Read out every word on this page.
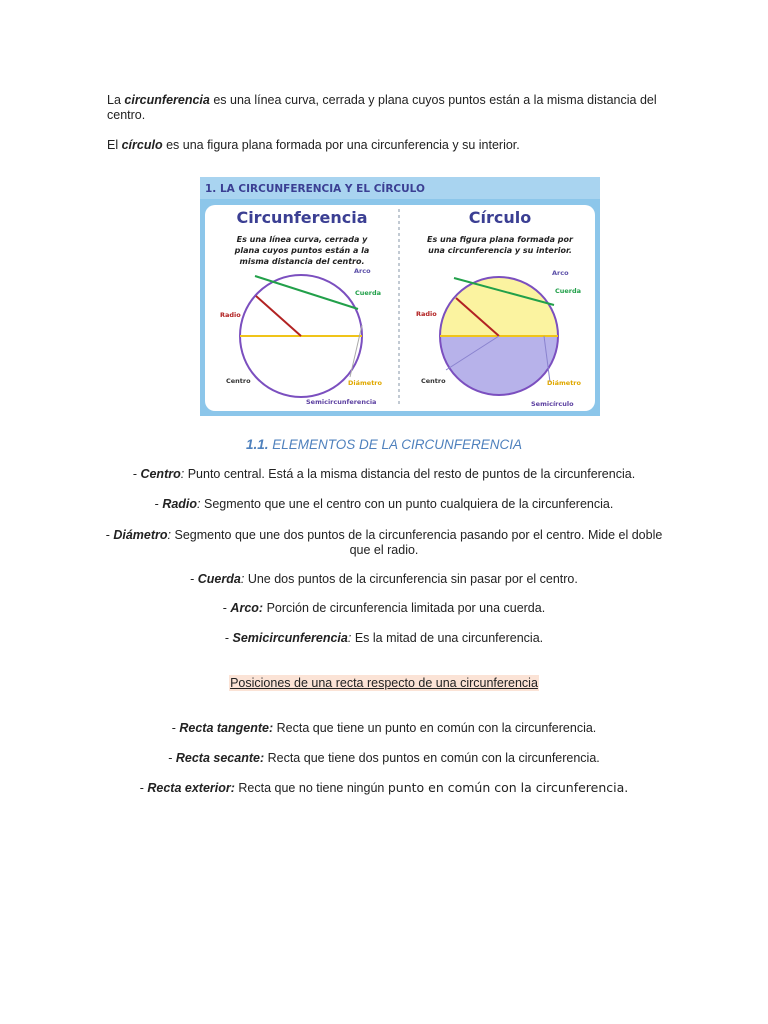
La circunferencia es una línea curva, cerrada y plana cuyos puntos están a la misma distancia del centro.

El círculo es una figura plana formada por una circunferencia y su interior.

1. LA CIRCUNFERENCIA Y EL CÍRCULO
Circunferencia
Es una línea curva, cerrada y
plana cuyos puntos están a la
misma distancia del centro.
Arco
Cuerda
Radio
Centro	Diámetro
Semicircunferencia
Círculo
Es una figura plana formada por
una circunferencia y su interior.
Arco
Cuerda
Radio
Centro	Diámetro
Semicírculo
1.1. ELEMENTOS DE LA CIRCUNFERENCIA

- Centro: Punto central. Está a la misma distancia del resto de puntos de la circunferencia.

- Radio: Segmento que une el centro con un punto cualquiera de la circunferencia.

- Diámetro: Segmento que une dos puntos de la circunferencia pasando por el centro. Mide el doble que el radio.

- Cuerda: Une dos puntos de la circunferencia sin pasar por el centro.

- Arco: Porción de circunferencia limitada por una cuerda.

- Semicircunferencia: Es la mitad de una circunferencia.

Posiciones de una recta respecto de una circunferencia

- Recta tangente: Recta que tiene un punto en común con la circunferencia.

- Recta secante: Recta que tiene dos puntos en común con la circunferencia.

- Recta exterior: Recta que no tiene ningún punto en común con la circunferencia.
